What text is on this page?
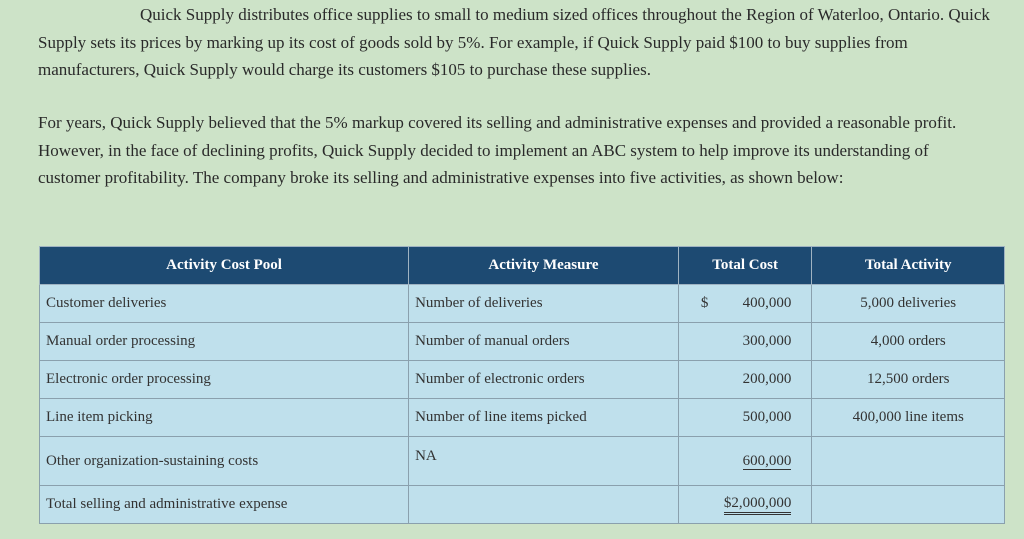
Quick Supply distributes office supplies to small to medium sized offices throughout the Region of Waterloo, Ontario. Quick Supply sets its prices by marking up its cost of goods sold by 5%. For example, if Quick Supply paid $100 to buy supplies from manufacturers, Quick Supply would charge its customers $105 to purchase these supplies.

For years, Quick Supply believed that the 5% markup covered its selling and administrative expenses and provided a reasonable profit. However, in the face of declining profits, Quick Supply decided to implement an ABC system to help improve its understanding of customer profitability. The company broke its selling and administrative expenses into five activities, as shown below:

Activity Cost Pool	Activity Measure	Total Cost	Total Activity
Customer deliveries	Number of deliveries	$ 400,000	5,000 deliveries
Manual order processing	Number of manual orders	300,000	4,000 orders
Electronic order processing	Number of electronic orders	200,000	12,500 orders
Line item picking	Number of line items picked	500,000	400,000 line items
Other organization-sustaining costs	NA	600,000	
Total selling and administrative expense		$2,000,000	
